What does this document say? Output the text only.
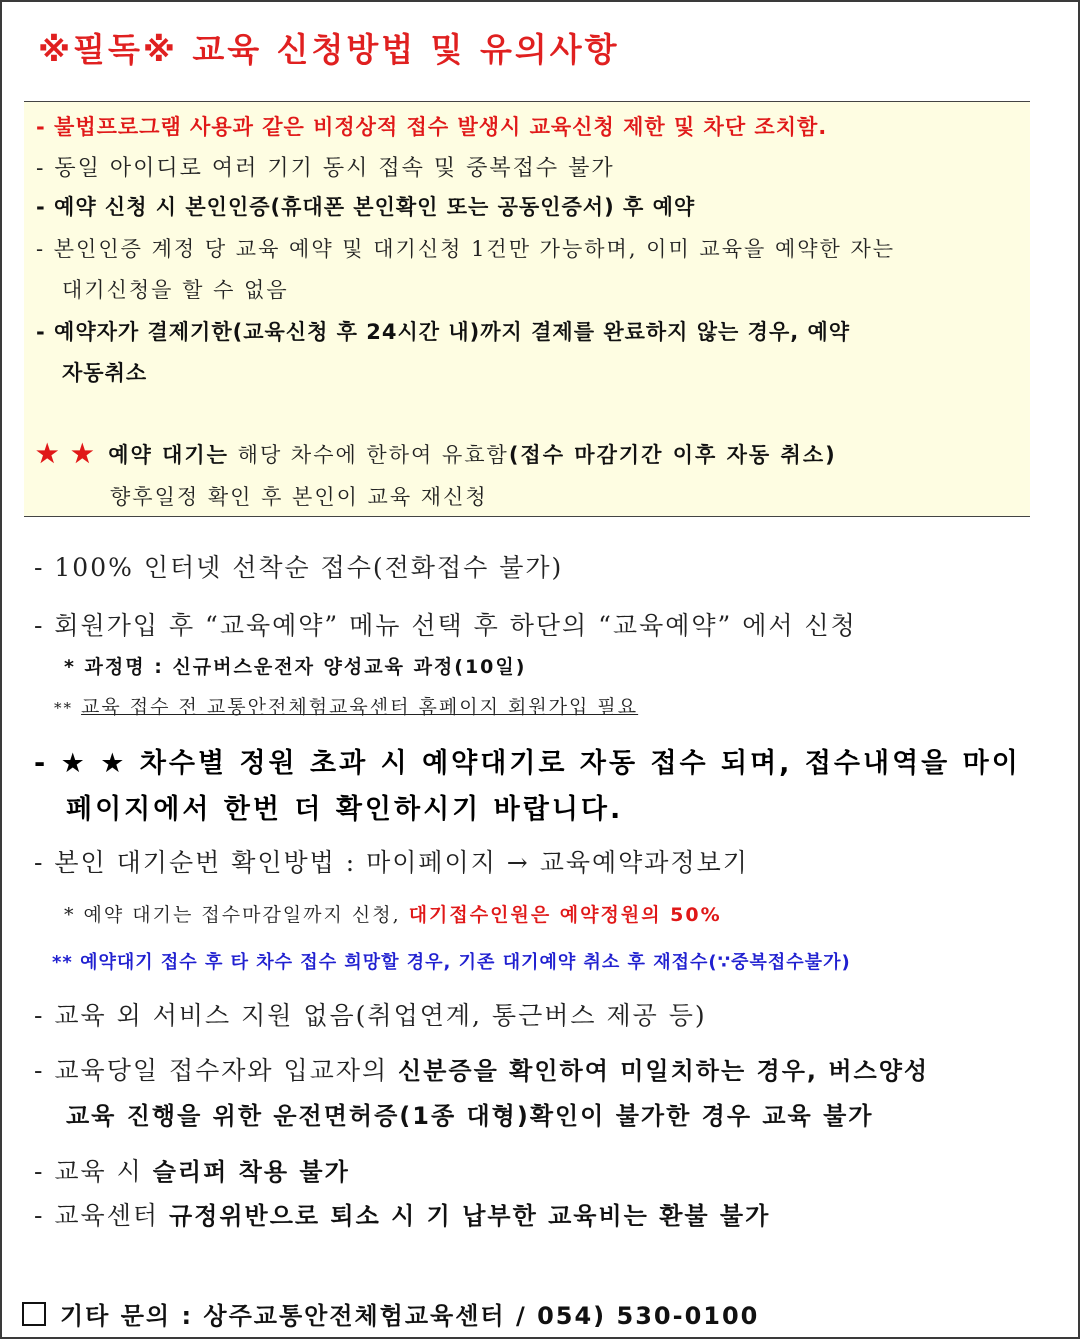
※필독※ 교육 신청방법 및 유의사항
- 불법프로그램 사용과 같은 비정상적 접수 발생시 교육신청 제한 및 차단 조치함.
- 동일 아이디로 여러 기기 동시 접속 및 중복접수 불가
- 예약 신청 시 본인인증(휴대폰 본인확인 또는 공동인증서) 후 예약
- 본인인증 계정 당 교육 예약 및 대기신청 1건만 가능하며, 이미 교육을 예약한 자는
대기신청을 할 수 없음
- 예약자가 결제기한(교육신청 후 24시간 내)까지 결제를 완료하지 않는 경우, 예약
자동취소
★ ★ 예약 대기는 해당 차수에 한하여 유효함(접수 마감기간 이후 자동 취소)
향후일정 확인 후 본인이 교육 재신청
- 100% 인터넷 선착순 접수(전화접수 불가)
- 회원가입 후 “교육예약” 메뉴 선택 후 하단의 “교육예약” 에서 신청
* 과정명 : 신규버스운전자 양성교육 과정(10일)
** 교육 접수 전 교통안전체험교육센터 홈페이지 회원가입 필요
- ★ ★ 차수별 정원 초과 시 예약대기로 자동 접수 되며, 접수내역을 마이
페이지에서 한번 더 확인하시기 바랍니다.
- 본인 대기순번 확인방법 : 마이페이지 → 교육예약과정보기
* 예약 대기는 접수마감일까지 신청, 대기접수인원은 예약정원의 50%
** 예약대기 접수 후 타 차수 접수 희망할 경우, 기존 대기예약 취소 후 재접수(∵중복접수불가)
- 교육 외 서비스 지원 없음(취업연계, 통근버스 제공 등)
- 교육당일 접수자와 입교자의 신분증을 확인하여 미일치하는 경우, 버스양성
교육 진행을 위한 운전면허증(1종 대형)확인이 불가한 경우 교육 불가
- 교육 시 슬리퍼 착용 불가
- 교육센터 규정위반으로 퇴소 시 기 납부한 교육비는 환불 불가
기타 문의 : 상주교통안전체험교육센터 / 054) 530-0100
